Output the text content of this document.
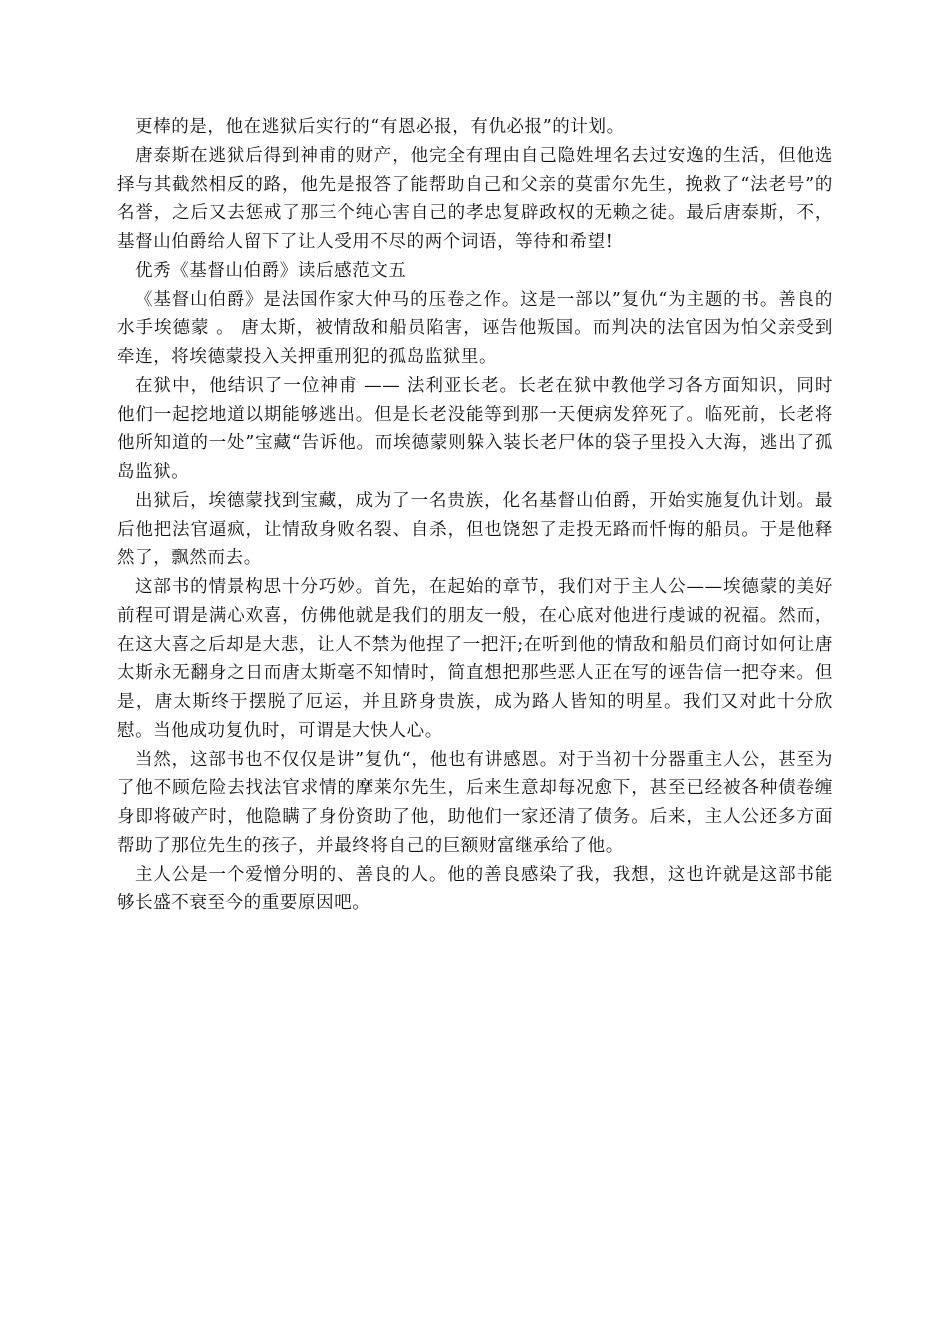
更棒的是，他在逃狱后实行的“有恩必报，有仇必报”的计划。

唐泰斯在逃狱后得到神甫的财产，他完全有理由自己隐姓埋名去过安逸的生活，但他选择与其截然相反的路，他先是报答了能帮助自己和父亲的莫雷尔先生，挽救了“法老号”的名誉，之后又去惩戒了那三个纯心害自己的孝忠复辟政权的无赖之徒。最后唐泰斯，不，基督山伯爵给人留下了让人受用不尽的两个词语，等待和希望!

优秀《基督山伯爵》读后感范文五

《基督山伯爵》是法国作家大仲马的压卷之作。这是一部以”复仇“为主题的书。善良的水手埃德蒙 。 唐太斯，被情敌和船员陷害，诬告他叛国。而判决的法官因为怕父亲受到牵连，将埃德蒙投入关押重刑犯的孤岛监狱里。

在狱中，他结识了一位神甫 —— 法利亚长老。长老在狱中教他学习各方面知识，同时他们一起挖地道以期能够逃出。但是长老没能等到那一天便病发猝死了。临死前，长老将他所知道的一处”宝藏“告诉他。而埃德蒙则躲入装长老尸体的袋子里投入大海，逃出了孤岛监狱。

出狱后，埃德蒙找到宝藏，成为了一名贵族，化名基督山伯爵，开始实施复仇计划。最后他把法官逼疯，让情敌身败名裂、自杀，但也饶恕了走投无路而忏悔的船员。于是他释然了，飘然而去。

这部书的情景构思十分巧妙。首先，在起始的章节，我们对于主人公——埃德蒙的美好前程可谓是满心欢喜，仿佛他就是我们的朋友一般，在心底对他进行虔诚的祝福。然而，在这大喜之后却是大悲，让人不禁为他捏了一把汗;在听到他的情敌和船员们商讨如何让唐太斯永无翻身之日而唐太斯毫不知情时，简直想把那些恶人正在写的诬告信一把夺来。但是，唐太斯终于摆脱了厄运，并且跻身贵族，成为路人皆知的明星。我们又对此十分欣慰。当他成功复仇时，可谓是大快人心。

当然，这部书也不仅仅是讲”复仇“，他也有讲感恩。对于当初十分器重主人公，甚至为了他不顾危险去找法官求情的摩莱尔先生，后来生意却每况愈下，甚至已经被各种债卷缠身即将破产时，他隐瞒了身份资助了他，助他们一家还清了债务。后来，主人公还多方面帮助了那位先生的孩子，并最终将自己的巨额财富继承给了他。

主人公是一个爱憎分明的、善良的人。他的善良感染了我，我想，这也许就是这部书能够长盛不衰至今的重要原因吧。
